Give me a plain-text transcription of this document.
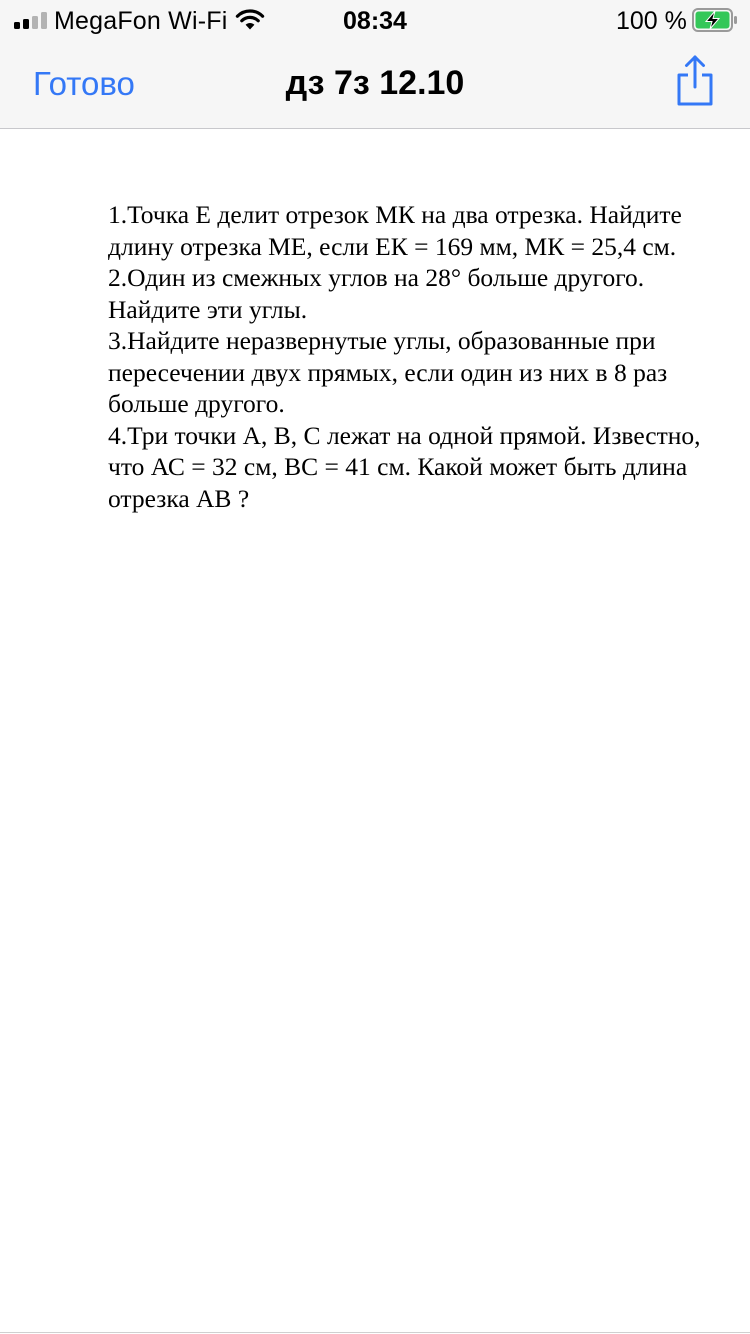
MegaFon Wi-Fi	08:34	100 %
Готово	дз 7з 12.10

1.Точка Е делит отрезок МК на два отрезка. Найдите длину отрезка МЕ, если ЕК = 169 мм, МК = 25,4 см.

2.Один из смежных углов на 28° больше другого. Найдите эти углы.

3.Найдите неразвернутые углы, образованные при пересечении двух прямых, если один из них в 8 раз больше другого.

4.Три точки А, В, С лежат на одной прямой. Известно, что АС = 32 см, ВС = 41 см. Какой может быть длина отрезка АВ ?
